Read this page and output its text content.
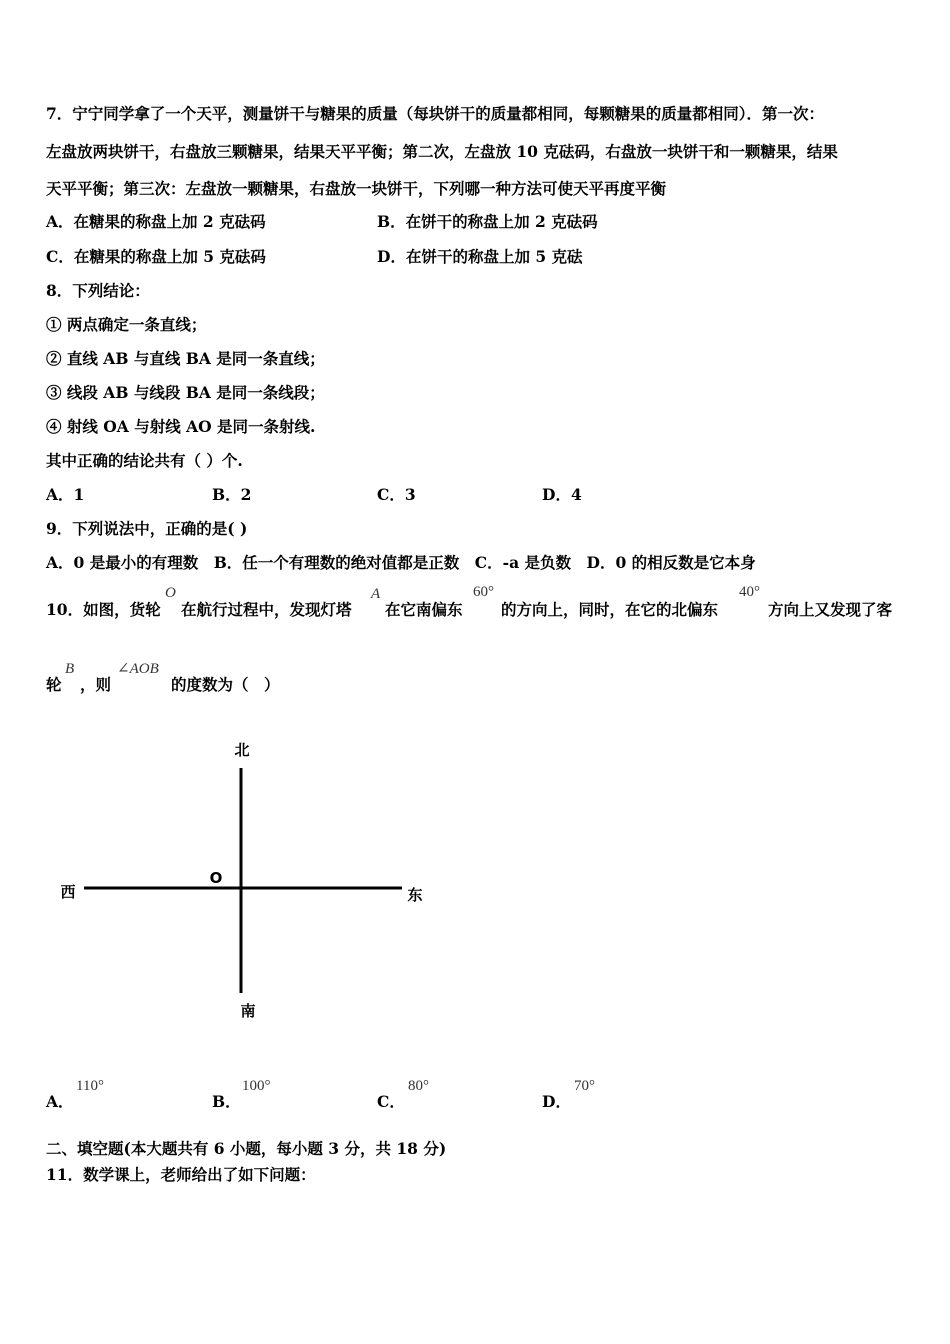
7．宁宁同学拿了一个天平，测量饼干与糖果的质量（每块饼干的质量都相同，每颗糖果的质量都相同）．第一次：
左盘放两块饼干，右盘放三颗糖果，结果天平平衡；第二次，左盘放 10 克砝码，右盘放一块饼干和一颗糖果，结果
天平平衡；第三次：左盘放一颗糖果，右盘放一块饼干，下列哪一种方法可使天平再度平衡
A．在糖果的称盘上加 2 克砝码	B．在饼干的称盘上加 2 克砝码
C．在糖果的称盘上加 5 克砝码	D．在饼干的称盘上加 5 克砝
8．下列结论：
① 两点确定一条直线；
② 直线 AB 与直线 BA 是同一条直线；
③ 线段 AB 与线段 BA 是同一条线段；
④ 射线 OA 与射线 AO 是同一条射线.
其中正确的结论共有（ ）个.
A．1	B．2	C．3	D．4
9．下列说法中，正确的是( )
A．0 是最小的有理数　B．任一个有理数的绝对值都是正数　C．-a 是负数　D．0 的相反数是它本身
10．如图，货轮
O
在航行过程中，发现灯塔
A
在它南偏东
60°
的方向上，同时，在它的北偏东
40°
方向上又发现了客
轮
B
，则
∠AOB
的度数为（　）
北
南
东
西
O
A．
110°
B．
100°
C．
80°
D．
70°
二、填空题(本大题共有 6 小题，每小题 3 分，共 18 分)
11．数学课上，老师给出了如下问题：
